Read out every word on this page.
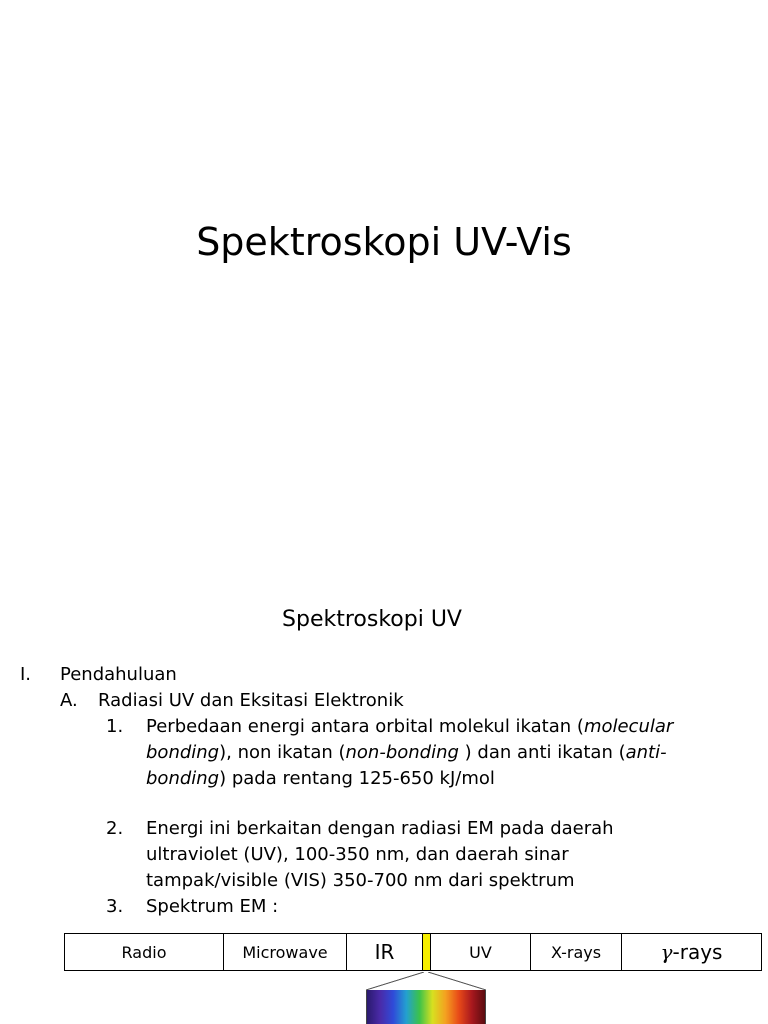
Spektroskopi UV-Vis
Spektroskopi UV
I. Pendahuluan
A. Radiasi UV dan Eksitasi Elektronik
1. Perbedaan energi antara orbital molekul ikatan (molecular
bonding), non ikatan (non-bonding ) dan anti ikatan (anti-
bonding) pada rentang 125-650 kJ/mol
2. Energi ini berkaitan dengan radiasi EM pada daerah
ultraviolet (UV), 100-350 nm, dan daerah sinar
tampak/visible (VIS) 350-700 nm dari spektrum
3. Spektrum EM :
Radio	Microwave	IR	UV	X-rays	γ -rays
